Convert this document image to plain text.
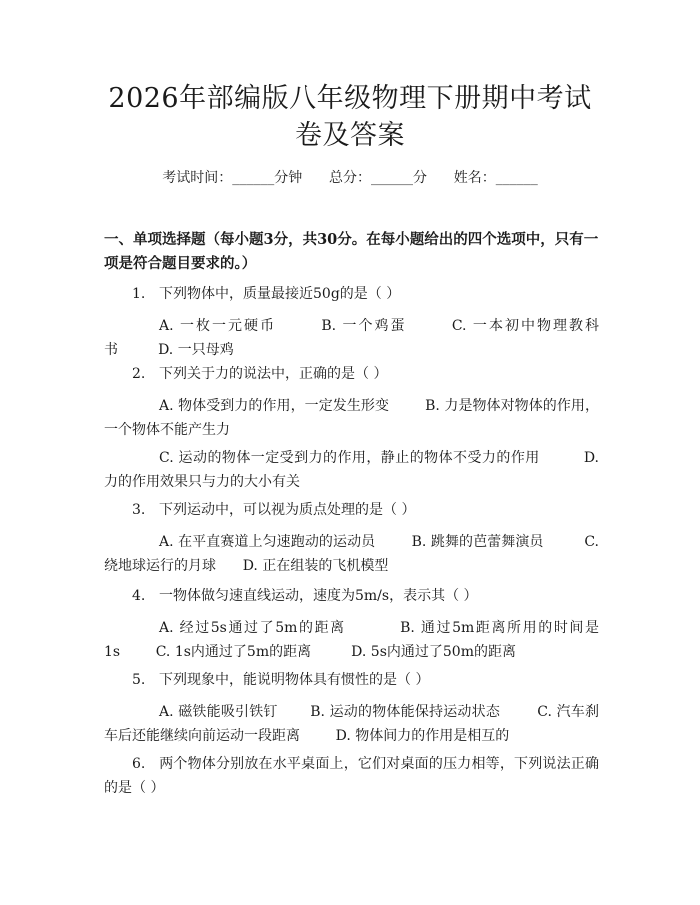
2026年部编版八年级物理下册期中考试卷及答案
考试时间：______分钟 总分：______分 姓名：______
一、单项选择题（每小题3分，共30分。在每小题给出的四个选项中，只有一项是符合题目要求的。）
1. 下列物体中，质量最接近50g的是（ ）
A. 一枚一元硬币	B. 一个鸡蛋	C. 一本初中物理教科书	D. 一只母鸡
2. 下列关于力的说法中，正确的是（ ）
A. 物体受到力的作用，一定发生形变	B. 力是物体对物体的作用，一个物体不能产生力
C. 运动的物体一定受到力的作用，静止的物体不受力的作用	D. 力的作用效果只与力的大小有关
3. 下列运动中，可以视为质点处理的是（ ）
A. 在平直赛道上匀速跑动的运动员	B. 跳舞的芭蕾舞演员	C. 绕地球运行的月球 D. 正在组装的飞机模型
4. 一物体做匀速直线运动，速度为5m/s，表示其（ ）
A. 经过5s通过了5m的距离	B. 通过5m距离所用的时间是1s	C. 1s内通过了5m的距离	D. 5s内通过了50m的距离
5. 下列现象中，能说明物体具有惯性的是（ ）
A. 磁铁能吸引铁钉 B. 运动的物体能保持运动状态	C. 汽车刹车后还能继续向前运动一段距离	D. 物体间力的作用是相互的
6. 两个物体分别放在水平桌面上，它们对桌面的压力相等，下列说法正确的是（ ）
